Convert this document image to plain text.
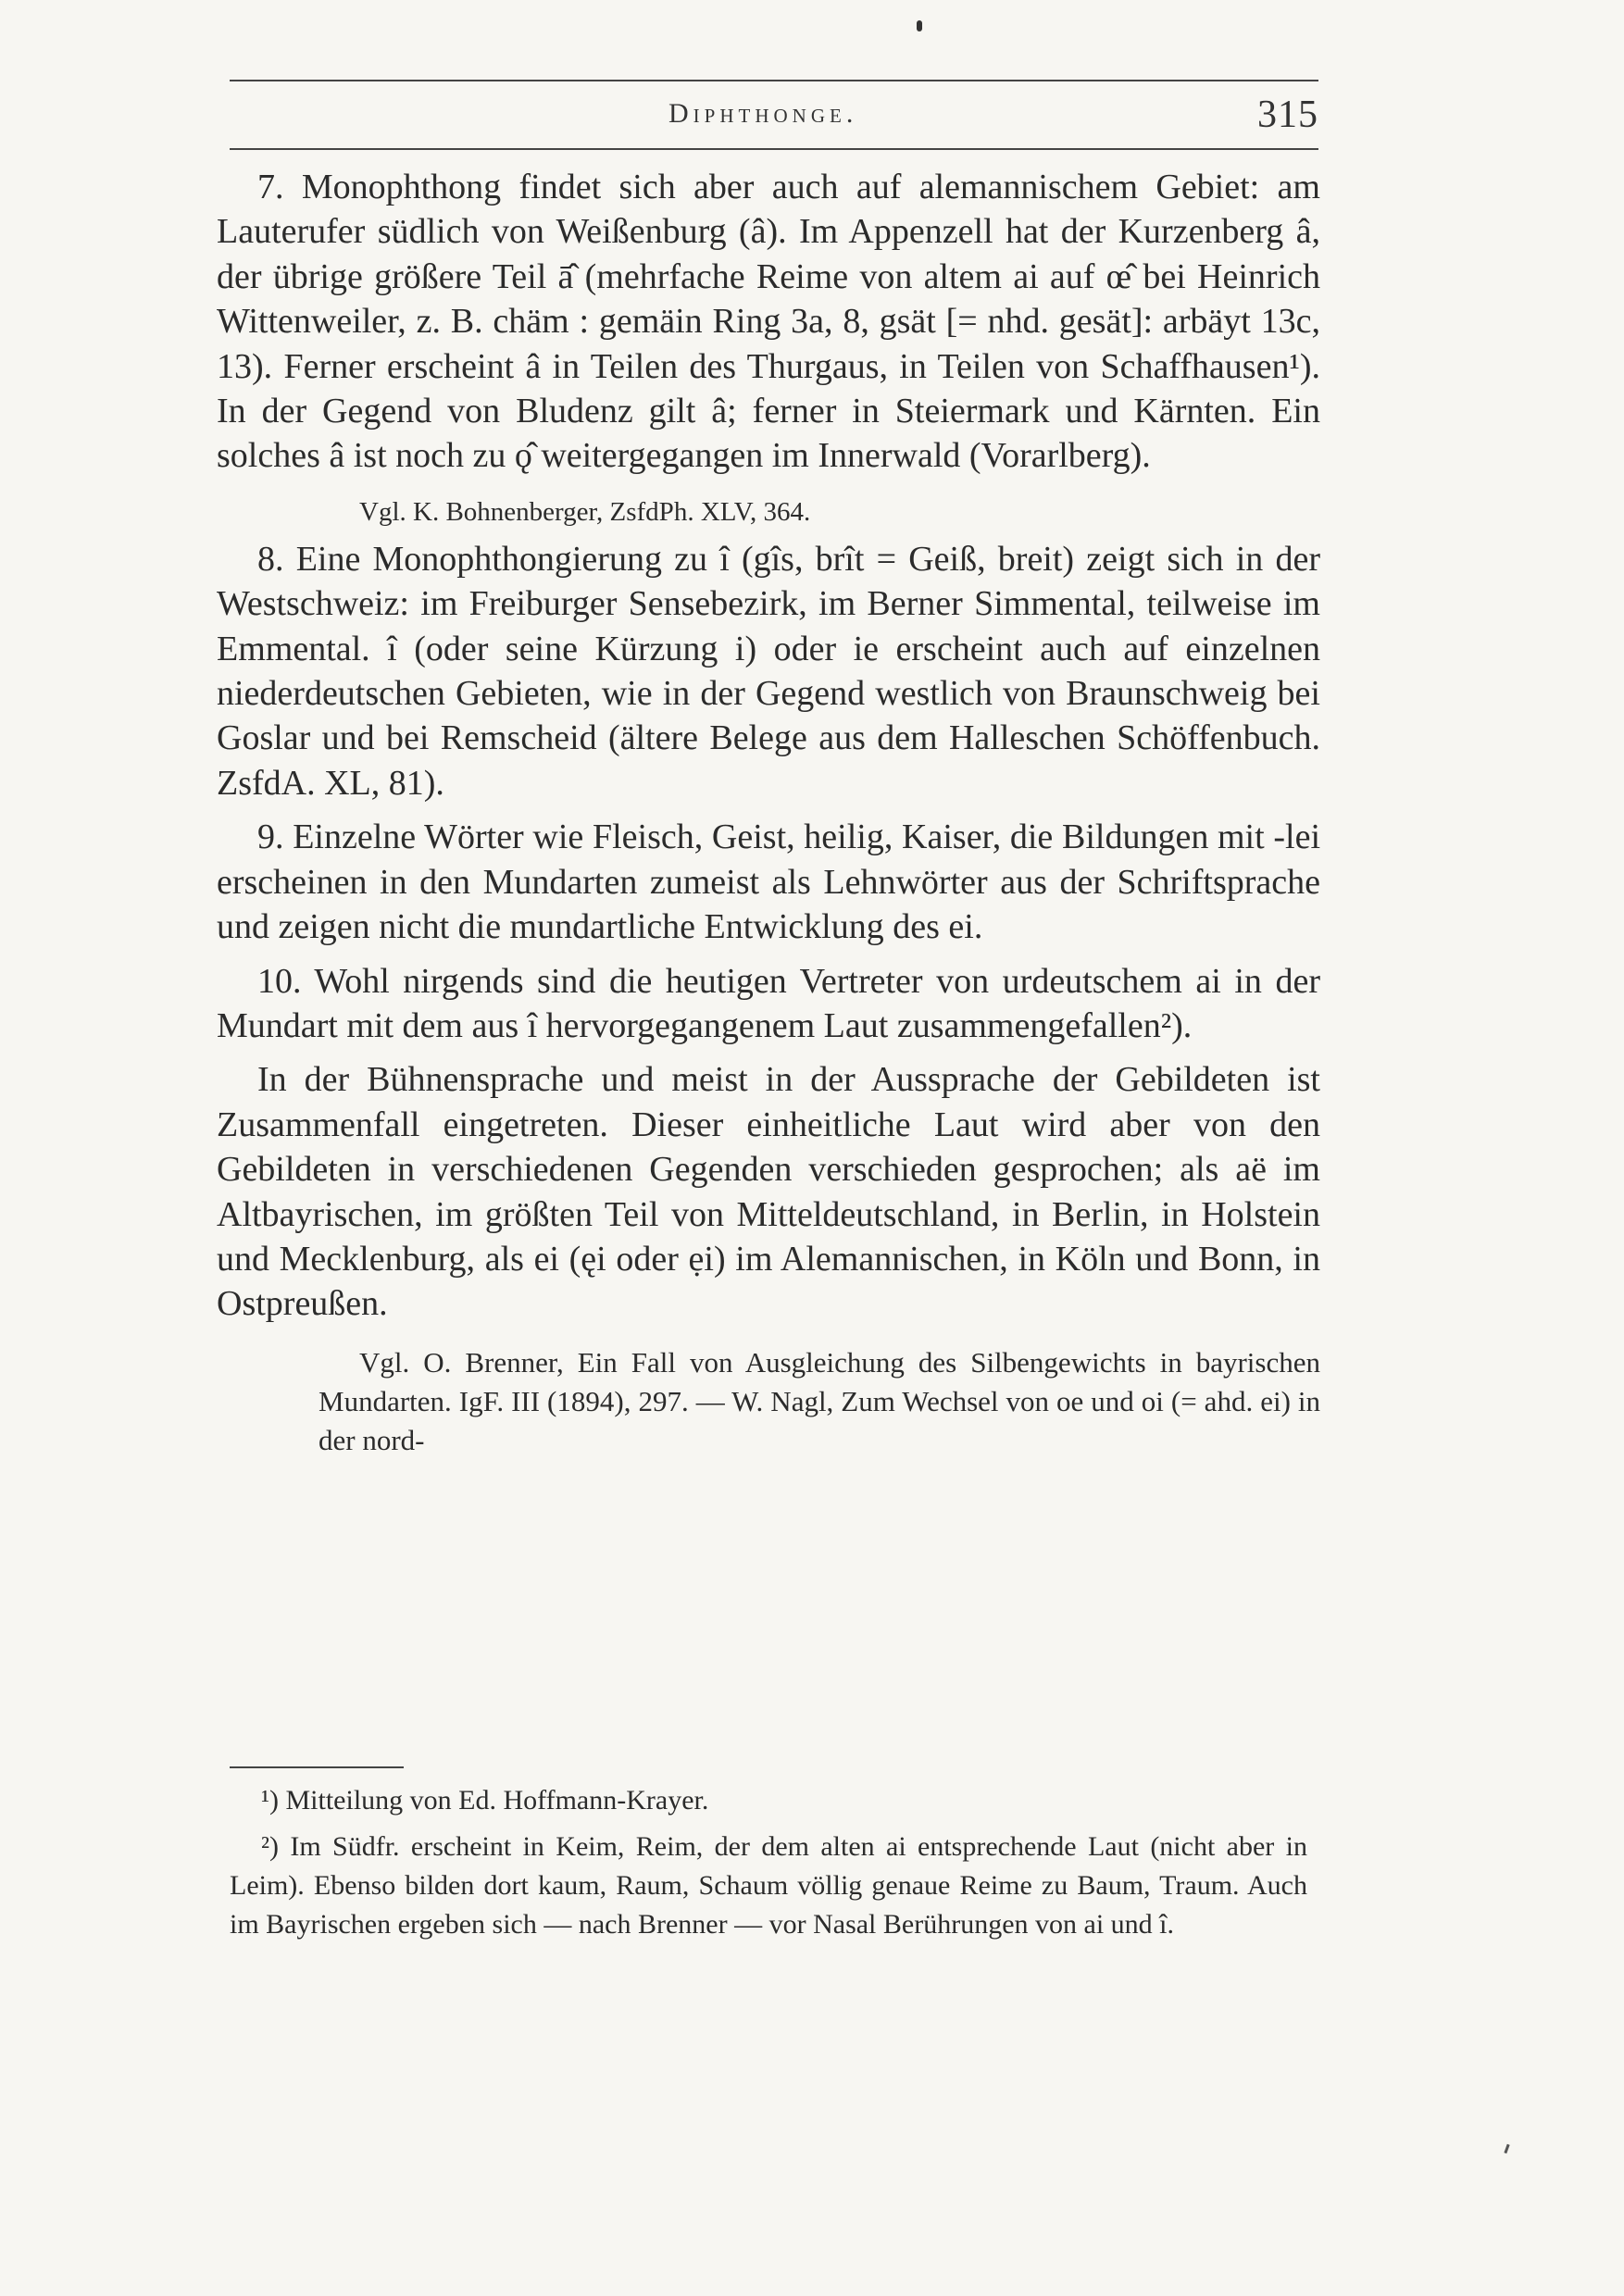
Diphthonge.	315

7. Monophthong findet sich aber auch auf alemannischem Gebiet: am Lauterufer südlich von Weißenburg (â). Im Appenzell hat der Kurzenberg â, der übrige größere Teil ā̂ (mehrfache Reime von altem ai auf œ̂ bei Heinrich Wittenweiler, z. B. chäm : gemäin Ring 3a, 8, gsät [= nhd. gesät]: arbäyt 13c, 13). Ferner erscheint â in Teilen des Thurgaus, in Teilen von Schaffhausen¹). In der Gegend von Bludenz gilt â; ferner in Steiermark und Kärnten. Ein solches â ist noch zu ǫ̂ weitergegangen im Innerwald (Vorarlberg).

Vgl. K. Bohnenberger, ZsfdPh. XLV, 364.

8. Eine Monophthongierung zu î (gîs, brît = Geiß, breit) zeigt sich in der Westschweiz: im Freiburger Sensebezirk, im Berner Simmental, teilweise im Emmental. î (oder seine Kürzung i) oder ie erscheint auch auf einzelnen niederdeutschen Gebieten, wie in der Gegend westlich von Braunschweig bei Goslar und bei Remscheid (ältere Belege aus dem Halleschen Schöffenbuch. ZsfdA. XL, 81).

9. Einzelne Wörter wie Fleisch, Geist, heilig, Kaiser, die Bildungen mit -lei erscheinen in den Mundarten zumeist als Lehnwörter aus der Schriftsprache und zeigen nicht die mundartliche Entwicklung des ei.

10. Wohl nirgends sind die heutigen Vertreter von urdeutschem ai in der Mundart mit dem aus î hervorgegangenem Laut zusammengefallen²).

In der Bühnensprache und meist in der Aussprache der Gebildeten ist Zusammenfall eingetreten. Dieser einheitliche Laut wird aber von den Gebildeten in verschiedenen Gegenden verschieden gesprochen; als aë im Altbayrischen, im größten Teil von Mitteldeutschland, in Berlin, in Holstein und Mecklenburg, als ei (ęi oder ẹi) im Alemannischen, in Köln und Bonn, in Ostpreußen.

Vgl. O. Brenner, Ein Fall von Ausgleichung des Silbengewichts in bayrischen Mundarten. IgF. III (1894), 297. — W. Nagl, Zum Wechsel von oe und oi (= ahd. ei) in der nord-

¹) Mitteilung von Ed. Hoffmann-Krayer.

²) Im Südfr. erscheint in Keim, Reim, der dem alten ai entsprechende Laut (nicht aber in Leim). Ebenso bilden dort kaum, Raum, Schaum völlig genaue Reime zu Baum, Traum. Auch im Bayrischen ergeben sich — nach Brenner — vor Nasal Berührungen von ai und î.
